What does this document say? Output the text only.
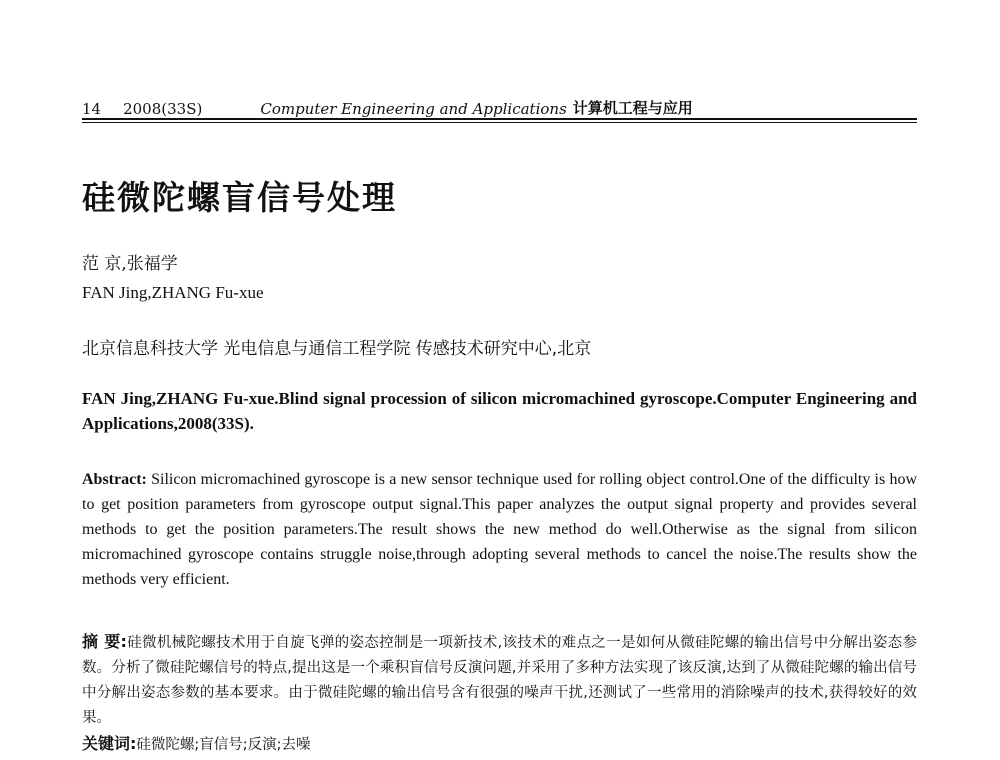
14 2008(33S)	Computer Engineering and Applications 计算机工程与应用
硅微陀螺盲信号处理
范 京,张福学
FAN Jing,ZHANG Fu-xue
北京信息科技大学 光电信息与通信工程学院 传感技术研究中心,北京
FAN Jing,ZHANG Fu-xue.Blind signal procession of silicon micromachined gyroscope.Computer Engineering and Applications,2008(33S).
Abstract: Silicon micromachined gyroscope is a new sensor technique used for rolling object control.One of the difficulty is how to get position parameters from gyroscope output signal.This paper analyzes the output signal property and provides several methods to get the position parameters.The result shows the new method do well.Otherwise as the signal from silicon micromachined gyroscope contains struggle noise,through adopting several methods to cancel the noise.The results show the methods very efficient.
摘 要:硅微机械陀螺技术用于自旋飞弹的姿态控制是一项新技术,该技术的难点之一是如何从微硅陀螺的输出信号中分解出姿态参数。分析了微硅陀螺信号的特点,提出这是一个乘积盲信号反演问题,并采用了多种方法实现了该反演,达到了从微硅陀螺的输出信号中分解出姿态参数的基本要求。由于微硅陀螺的输出信号含有很强的噪声干扰,还测试了一些常用的消除噪声的技术,获得较好的效果。
关键词:硅微陀螺;盲信号;反演;去噪
